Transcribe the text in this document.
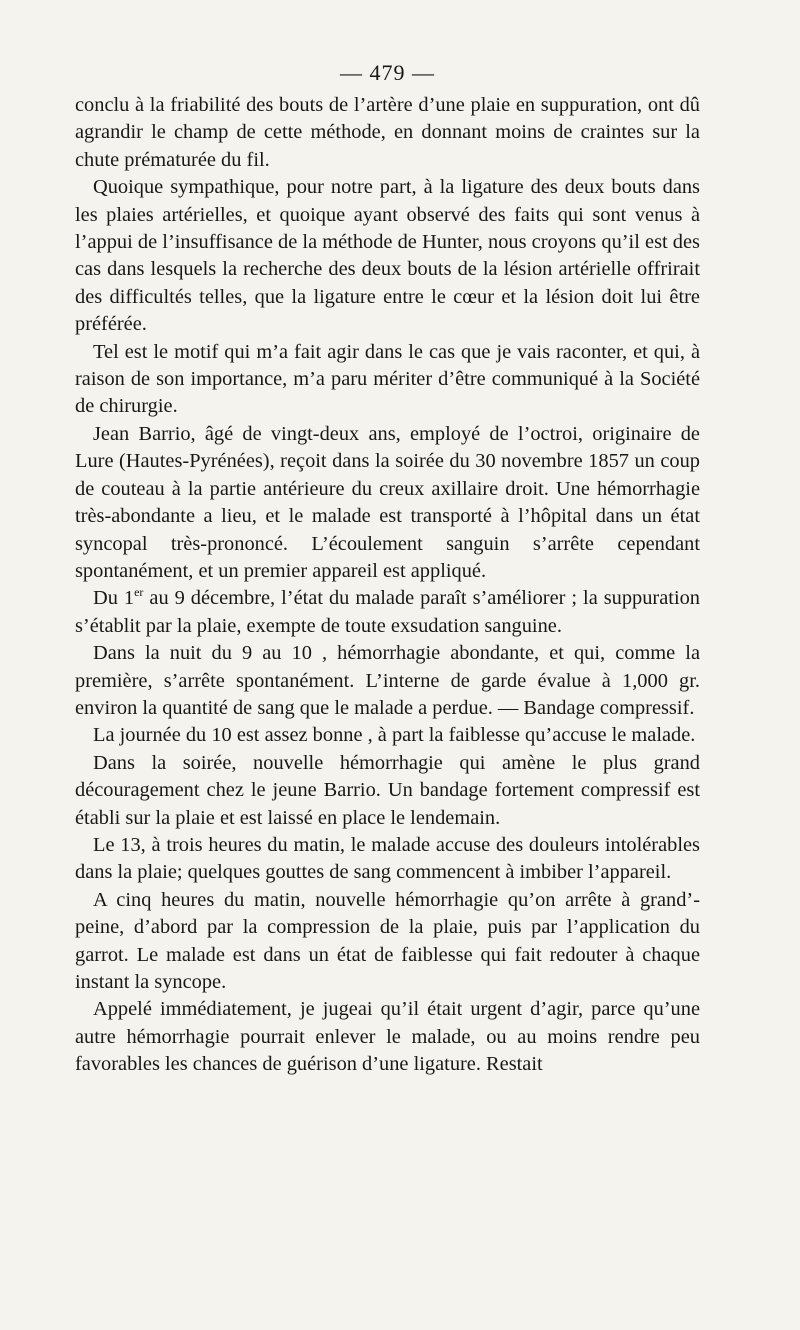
— 479 —

conclu à la friabilité des bouts de l’artère d’une plaie en suppuration, ont dû agrandir le champ de cette méthode, en donnant moins de craintes sur la chute prématurée du fil.

Quoique sympathique, pour notre part, à la ligature des deux bouts dans les plaies artérielles, et quoique ayant observé des faits qui sont venus à l’appui de l’insuffisance de la méthode de Hunter, nous croyons qu’il est des cas dans lesquels la recherche des deux bouts de la lésion artérielle offrirait des difficultés telles, que la ligature entre le cœur et la lésion doit lui être préférée.

Tel est le motif qui m’a fait agir dans le cas que je vais raconter, et qui, à raison de son importance, m’a paru mériter d’être communiqué à la Société de chirurgie.

Jean Barrio, âgé de vingt-deux ans, employé de l’octroi, originaire de Lure (Hautes-Pyrénées), reçoit dans la soirée du 30 novembre 1857 un coup de couteau à la partie antérieure du creux axillaire droit. Une hémorrhagie très-abondante a lieu, et le malade est transporté à l’hôpital dans un état syncopal très-prononcé. L’écoulement sanguin s’arrête cependant spontanément, et un premier appareil est appliqué.

Du 1er au 9 décembre, l’état du malade paraît s’améliorer ; la suppuration s’établit par la plaie, exempte de toute exsudation sanguine.

Dans la nuit du 9 au 10 , hémorrhagie abondante, et qui, comme la première, s’arrête spontanément. L’interne de garde évalue à 1,000 gr. environ la quantité de sang que le malade a perdue. — Bandage compressif.

La journée du 10 est assez bonne , à part la faiblesse qu’accuse le malade.

Dans la soirée, nouvelle hémorrhagie qui amène le plus grand découragement chez le jeune Barrio. Un bandage fortement compressif est établi sur la plaie et est laissé en place le lendemain.

Le 13, à trois heures du matin, le malade accuse des douleurs intolérables dans la plaie; quelques gouttes de sang commencent à imbiber l’appareil.

A cinq heures du matin, nouvelle hémorrhagie qu’on arrête à grand’-peine, d’abord par la compression de la plaie, puis par l’application du garrot. Le malade est dans un état de faiblesse qui fait redouter à chaque instant la syncope.

Appelé immédiatement, je jugeai qu’il était urgent d’agir, parce qu’une autre hémorrhagie pourrait enlever le malade, ou au moins rendre peu favorables les chances de guérison d’une ligature. Restait
